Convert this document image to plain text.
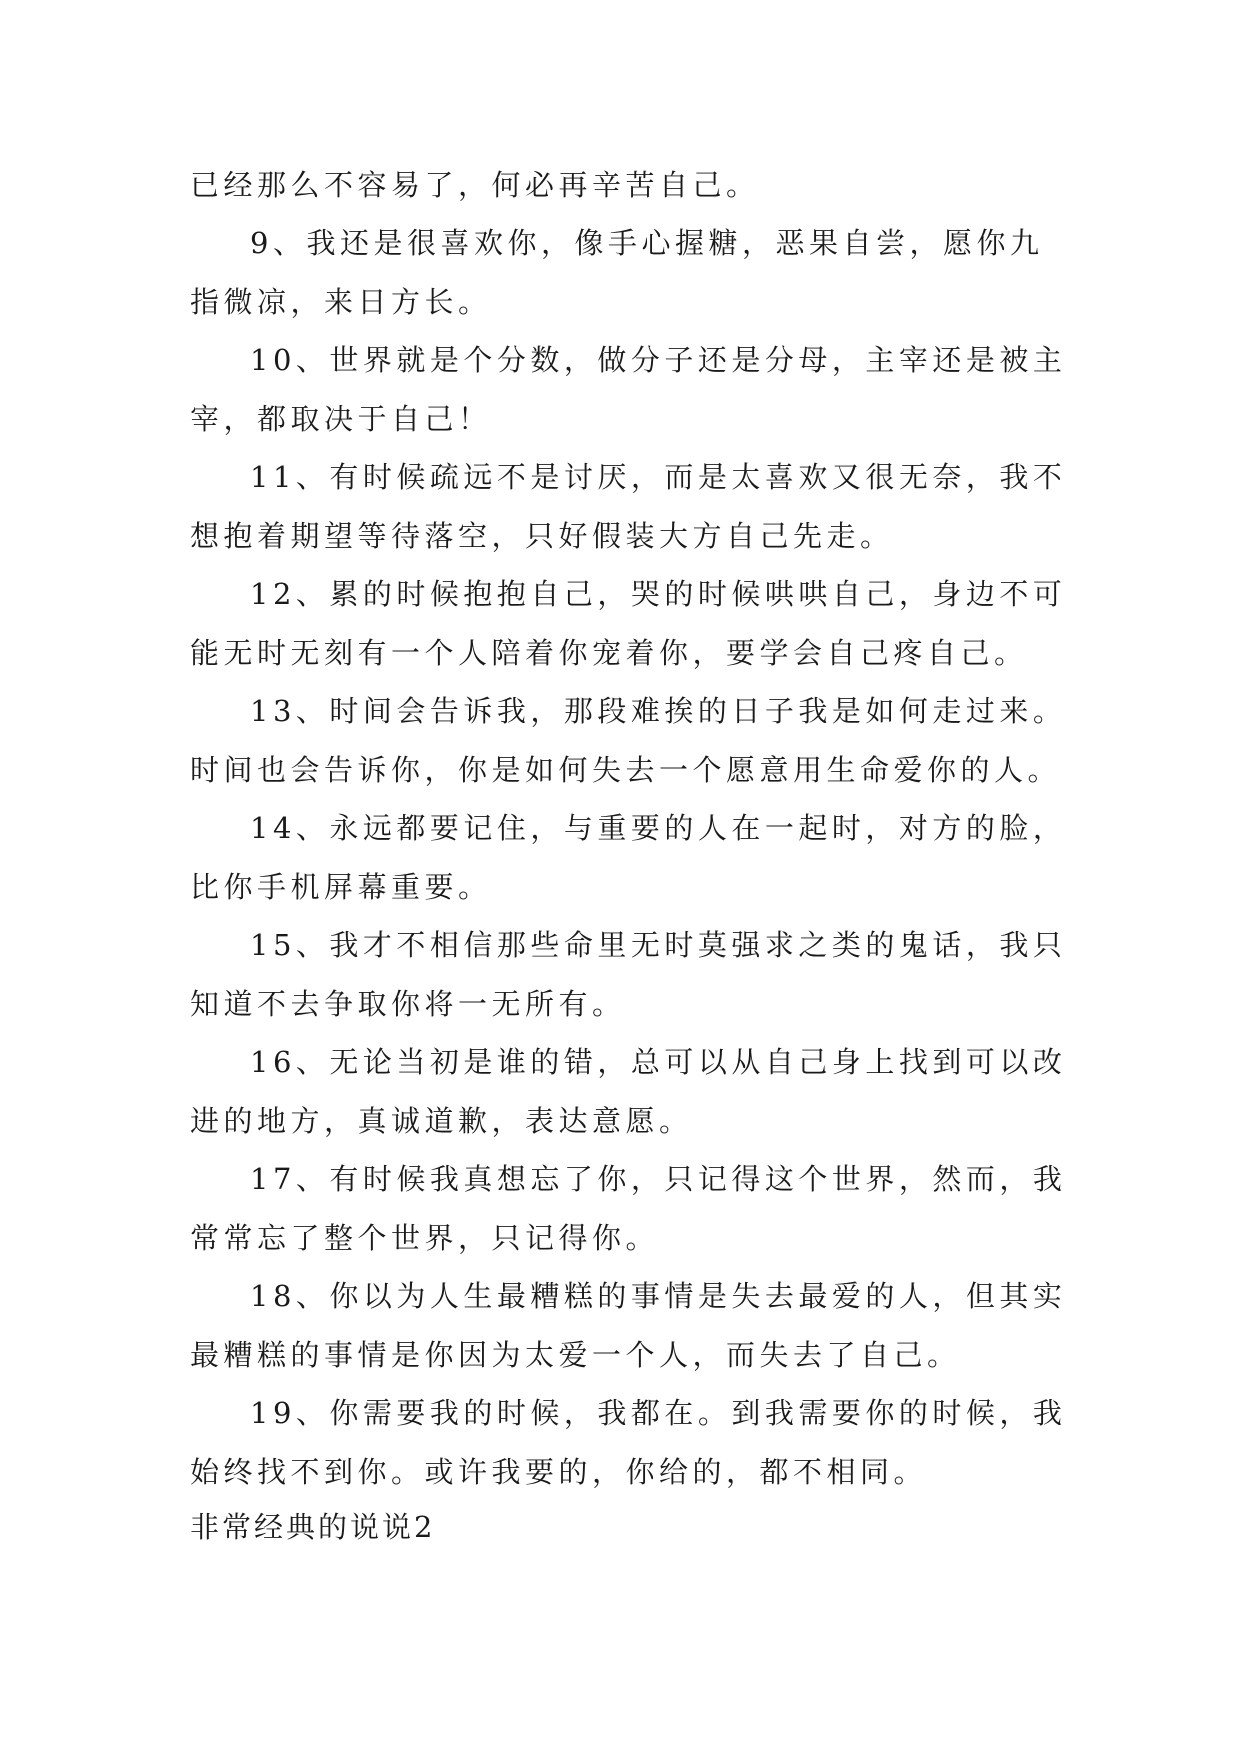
已经那么不容易了，何必再辛苦自己。
9、我还是很喜欢你，像手心握糖，恶果自尝，愿你九
指微凉，来日方长。
10、世界就是个分数，做分子还是分母，主宰还是被主
宰，都取决于自己！
11、有时候疏远不是讨厌，而是太喜欢又很无奈，我不
想抱着期望等待落空，只好假装大方自己先走。
12、累的时候抱抱自己，哭的时候哄哄自己，身边不可
能无时无刻有一个人陪着你宠着你，要学会自己疼自己。
13、时间会告诉我，那段难挨的日子我是如何走过来。
时间也会告诉你，你是如何失去一个愿意用生命爱你的人。
14、永远都要记住，与重要的人在一起时，对方的脸，
比你手机屏幕重要。
15、我才不相信那些命里无时莫强求之类的鬼话，我只
知道不去争取你将一无所有。
16、无论当初是谁的错，总可以从自己身上找到可以改
进的地方，真诚道歉，表达意愿。
17、有时候我真想忘了你，只记得这个世界，然而，我
常常忘了整个世界，只记得你。
18、你以为人生最糟糕的事情是失去最爱的人，但其实
最糟糕的事情是你因为太爱一个人，而失去了自己。
19、你需要我的时候，我都在。到我需要你的时候，我
始终找不到你。或许我要的，你给的，都不相同。
非常经典的说说2
